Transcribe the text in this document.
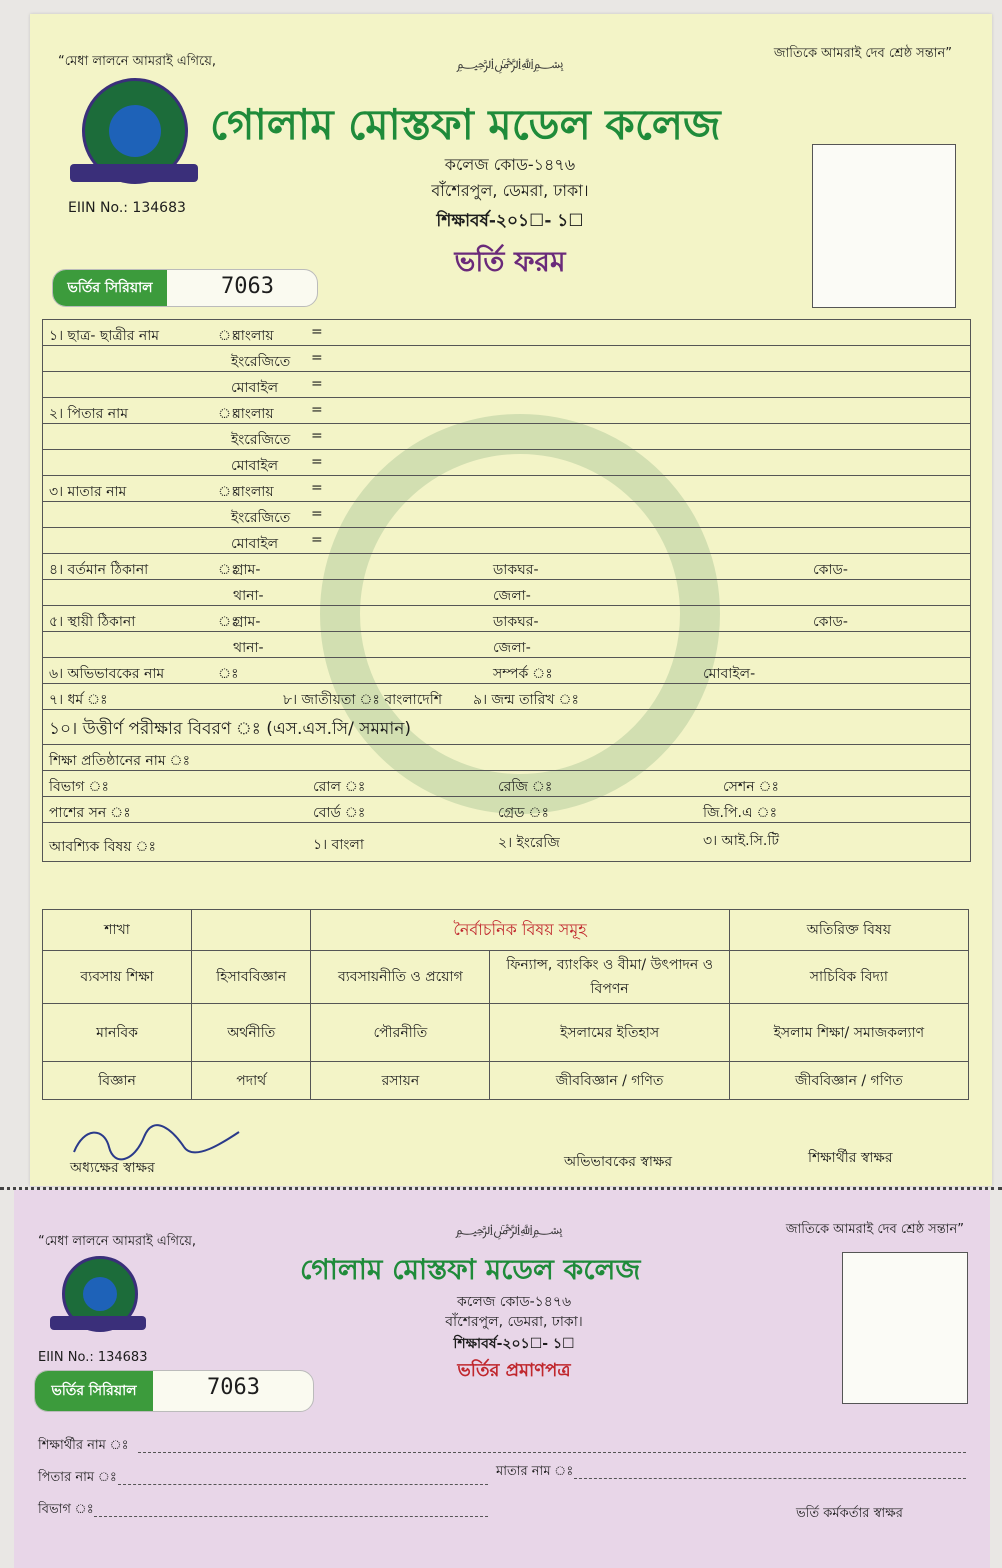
“মেধা লালনে আমরাই এগিয়ে,
জাতিকে আমরাই দেব শ্রেষ্ঠ সন্তান”
﷽
EIIN No.: 134683
গোলাম মোস্তফা মডেল কলেজ
কলেজ কোড-১৪৭৬
বাঁশেরপুল, ডেমরা, ঢাকা।
শিক্ষাবর্ষ-২০১☐- ১☐
ভর্তি ফরম
ভর্তির সিরিয়াল	7063
১। ছাত্র- ছাত্রীর নাম	ঃ
বাংলায়	=
ইংরেজিতে =
মোবাইল =
২। পিতার নাম	ঃ
বাংলায়	=
ইংরেজিতে =
মোবাইল =
৩। মাতার নাম	ঃ
বাংলায়	=
ইংরেজিতে =
মোবাইল =
৪। বর্তমান ঠিকানা	ঃ
গ্রাম-	ডাকঘর-	কোড-
থানা-	জেলা-
৫। স্থায়ী ঠিকানা	ঃ
গ্রাম-	ডাকঘর-	কোড-
থানা-	জেলা-
৬। অভিভাবকের নাম	ঃ	সম্পর্ক ঃ	মোবাইল-
৭। ধর্ম ঃ	৮। জাতীয়তা ঃ বাংলাদেশি ৯। জন্ম তারিখ ঃ
১০। উত্তীর্ণ পরীক্ষার বিবরণ ঃ (এস.এস.সি/ সমমান)
শিক্ষা প্রতিষ্ঠানের নাম ঃ
বিভাগ ঃ	রোল ঃ	রেজি ঃ	সেশন ঃ
পাশের সন ঃ	বোর্ড ঃ	গ্রেড ঃ	জি.পি.এ ঃ
আবশ্যিক বিষয় ঃ	১। বাংলা	২। ইংরেজি	৩। আই.সি.টি
শাখা		নৈর্বাচনিক বিষয় সমূহ		অতিরিক্ত বিষয়
ব্যবসায় শিক্ষা	হিসাববিজ্ঞান	ব্যবসায়নীতি ও প্রয়োগ	ফিন্যান্স, ব্যাংকিং ও বীমা/ উৎপাদন ও বিপণন	সাচিবিক বিদ্যা
মানবিক	অর্থনীতি	পৌরনীতি	ইসলামের ইতিহাস	ইসলাম শিক্ষা/ সমাজকল্যাণ
বিজ্ঞান	পদার্থ	রসায়ন	জীববিজ্ঞান / গণিত	জীববিজ্ঞান / গণিত
অধ্যক্ষের স্বাক্ষর	অভিভাবকের স্বাক্ষর	শিক্ষার্থীর স্বাক্ষর
“মেধা লালনে আমরাই এগিয়ে,
জাতিকে আমরাই দেব শ্রেষ্ঠ সন্তান”
﷽
EIIN No.: 134683
গোলাম মোস্তফা মডেল কলেজ
কলেজ কোড-১৪৭৬
বাঁশেরপুল, ডেমরা, ঢাকা।
শিক্ষাবর্ষ-২০১☐- ১☐
ভর্তির প্রমাণপত্র
ভর্তির সিরিয়াল	7063
শিক্ষার্থীর নাম ঃ
পিতার নাম ঃ	মাতার নাম ঃ
বিভাগ ঃ	ভর্তি কর্মকর্তার স্বাক্ষর
